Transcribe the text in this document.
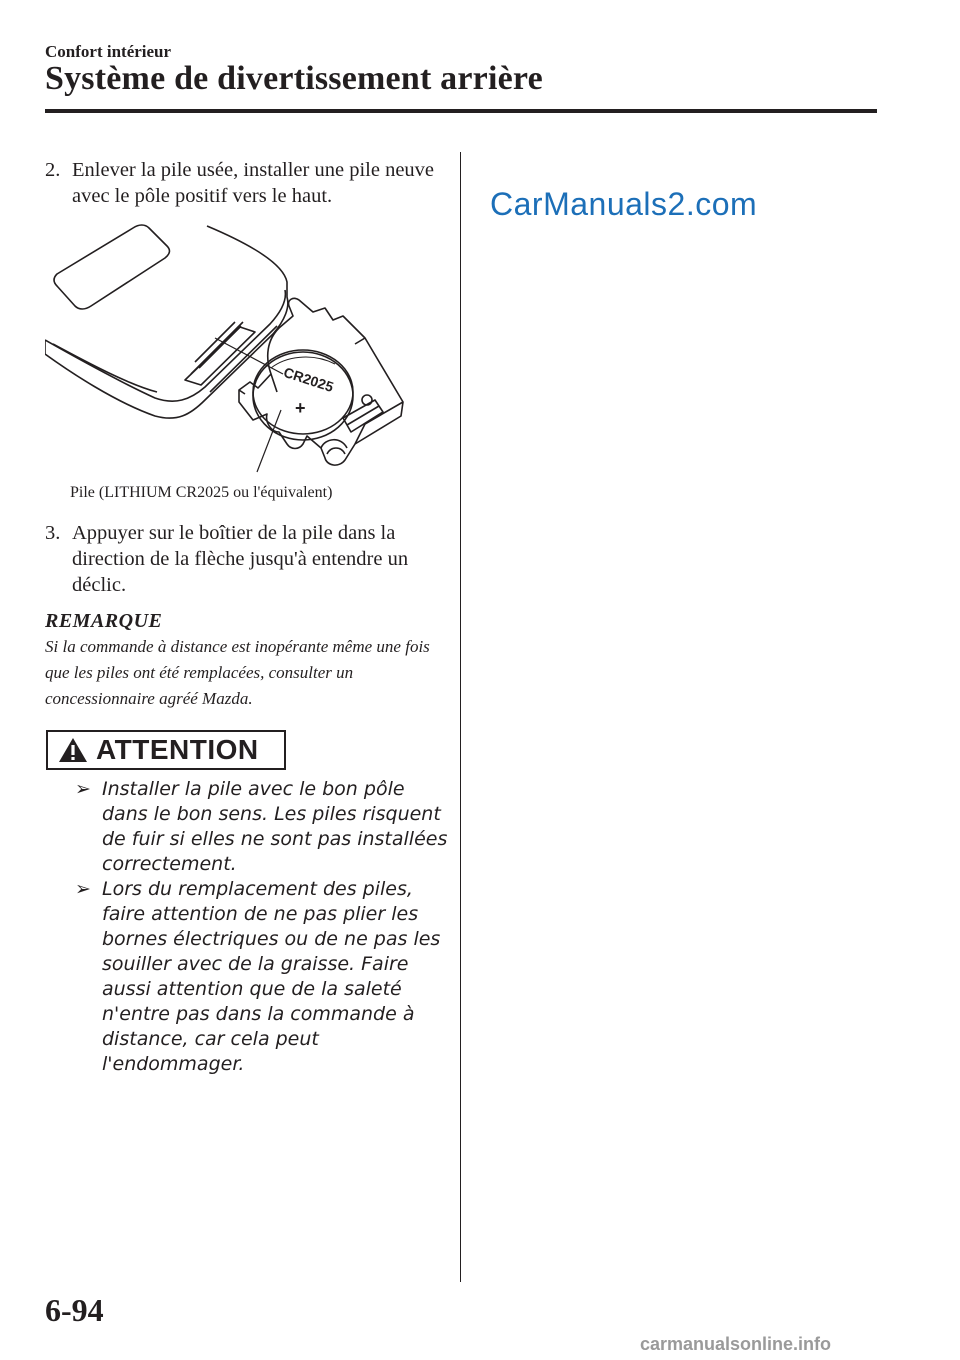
Confort intérieur
Système de divertissement arrière
2. Enlever la pile usée, installer une pile neuve avec le pôle positif vers le haut.
CR2025
+
Pile (LITHIUM CR2025 ou l'équivalent)
3. Appuyer sur le boîtier de la pile dans la direction de la flèche jusqu'à entendre un déclic.
REMARQUE
Si la commande à distance est inopérante même une fois que les piles ont été remplacées, consulter un concessionnaire agréé Mazda.
ATTENTION
➢ Installer la pile avec le bon pôle dans le bon sens. Les piles risquent de fuir si elles ne sont pas installées correctement.
➢ Lors du remplacement des piles, faire attention de ne pas plier les bornes électriques ou de ne pas les souiller avec de la graisse. Faire aussi attention que de la saleté n'entre pas dans la commande à distance, car cela peut l'endommager.
CarManuals2.com
6-94
carmanualsonline.info
